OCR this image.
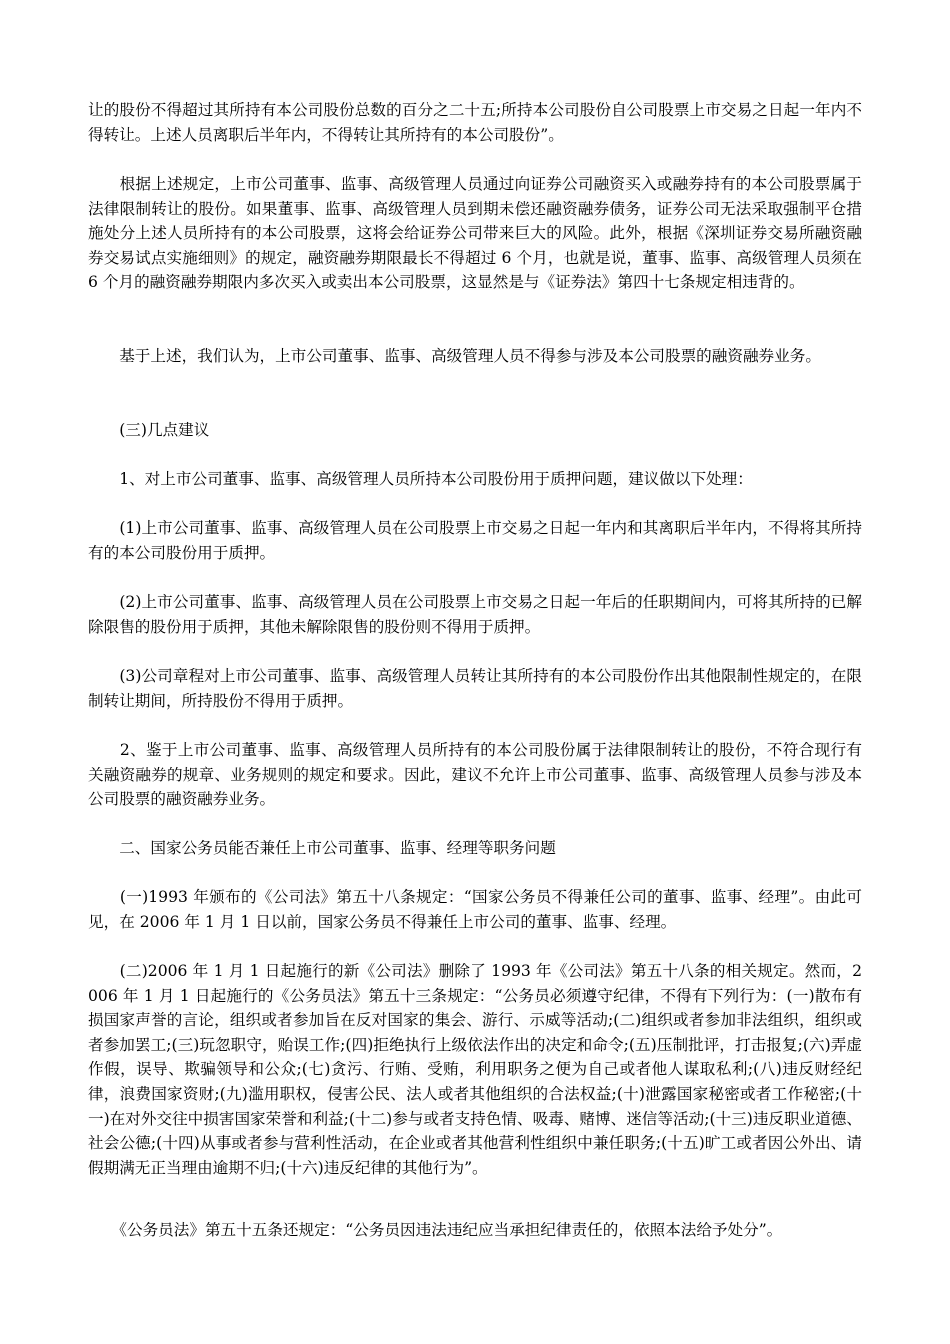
让的股份不得超过其所持有本公司股份总数的百分之二十五;所持本公司股份自公司股票上市交易之日起一年内不得转让。上述人员离职后半年内，不得转让其所持有的本公司股份”。

　　根据上述规定，上市公司董事、监事、高级管理人员通过向证券公司融资买入或融券持有的本公司股票属于法律限制转让的股份。如果董事、监事、高级管理人员到期未偿还融资融券债务，证券公司无法采取强制平仓措施处分上述人员所持有的本公司股票，这将会给证券公司带来巨大的风险。此外，根据《深圳证券交易所融资融券交易试点实施细则》的规定，融资融券期限最长不得超过 6 个月，也就是说，董事、监事、高级管理人员须在 6 个月的融资融券期限内多次买入或卖出本公司股票，这显然是与《证券法》第四十七条规定相违背的。

　　基于上述，我们认为，上市公司董事、监事、高级管理人员不得参与涉及本公司股票的融资融券业务。

　　(三)几点建议

　　1、对上市公司董事、监事、高级管理人员所持本公司股份用于质押问题，建议做以下处理：

　　(1)上市公司董事、监事、高级管理人员在公司股票上市交易之日起一年内和其离职后半年内，不得将其所持有的本公司股份用于质押。

　　(2)上市公司董事、监事、高级管理人员在公司股票上市交易之日起一年后的任职期间内，可将其所持的已解除限售的股份用于质押，其他未解除限售的股份则不得用于质押。

　　(3)公司章程对上市公司董事、监事、高级管理人员转让其所持有的本公司股份作出其他限制性规定的，在限制转让期间，所持股份不得用于质押。

　　2、鉴于上市公司董事、监事、高级管理人员所持有的本公司股份属于法律限制转让的股份，不符合现行有关融资融券的规章、业务规则的规定和要求。因此，建议不允许上市公司董事、监事、高级管理人员参与涉及本公司股票的融资融券业务。

　　二、国家公务员能否兼任上市公司董事、监事、经理等职务问题

　　(一)1993 年颁布的《公司法》第五十八条规定：“国家公务员不得兼任公司的董事、监事、经理”。由此可见，在 2006 年 1 月 1 日以前，国家公务员不得兼任上市公司的董事、监事、经理。

　　(二)2006 年 1 月 1 日起施行的新《公司法》删除了 1993 年《公司法》第五十八条的相关规定。然而，2006 年 1 月 1 日起施行的《公务员法》第五十三条规定：“公务员必须遵守纪律，不得有下列行为：(一)散布有损国家声誉的言论，组织或者参加旨在反对国家的集会、游行、示威等活动;(二)组织或者参加非法组织，组织或者参加罢工;(三)玩忽职守，贻误工作;(四)拒绝执行上级依法作出的决定和命令;(五)压制批评，打击报复;(六)弄虚作假，误导、欺骗领导和公众;(七)贪污、行贿、受贿，利用职务之便为自己或者他人谋取私利;(八)违反财经纪律，浪费国家资财;(九)滥用职权，侵害公民、法人或者其他组织的合法权益;(十)泄露国家秘密或者工作秘密;(十一)在对外交往中损害国家荣誉和利益;(十二)参与或者支持色情、吸毒、赌博、迷信等活动;(十三)违反职业道德、社会公德;(十四)从事或者参与营利性活动，在企业或者其他营利性组织中兼任职务;(十五)旷工或者因公外出、请假期满无正当理由逾期不归;(十六)违反纪律的其他行为”。

　　《公务员法》第五十五条还规定：“公务员因违法违纪应当承担纪律责任的，依照本法给予处分”。
